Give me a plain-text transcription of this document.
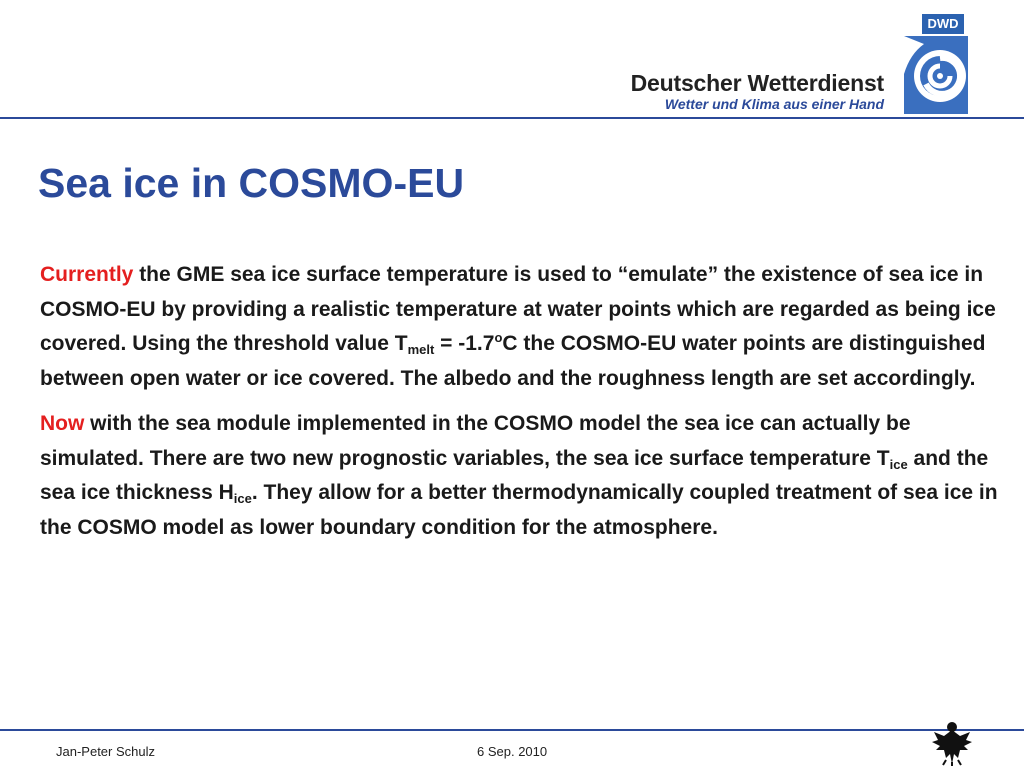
Deutscher Wetterdienst
Wetter und Klima aus einer Hand
DWD
Sea ice in COSMO-EU

Currently the GME sea ice surface temperature is used to “emulate” the existence of sea ice in COSMO-EU by providing a realistic temperature at water points which are regarded as being ice covered. Using the threshold value $T_{melt} = -1.7^oC$ the COSMO-EU water points are distinguished between open water or ice covered. The albedo and the roughness length are set accordingly.

Now with the sea module implemented in the COSMO model the sea ice can actually be simulated. There are two new prognostic variables, the sea ice surface temperature $T_{ice}$ and the sea ice thickness $H_{ice}$. They allow for a better thermodynamically coupled treatment of sea ice in the COSMO model as lower boundary condition for the atmosphere.

Jan-Peter Schulz	6 Sep. 2010
